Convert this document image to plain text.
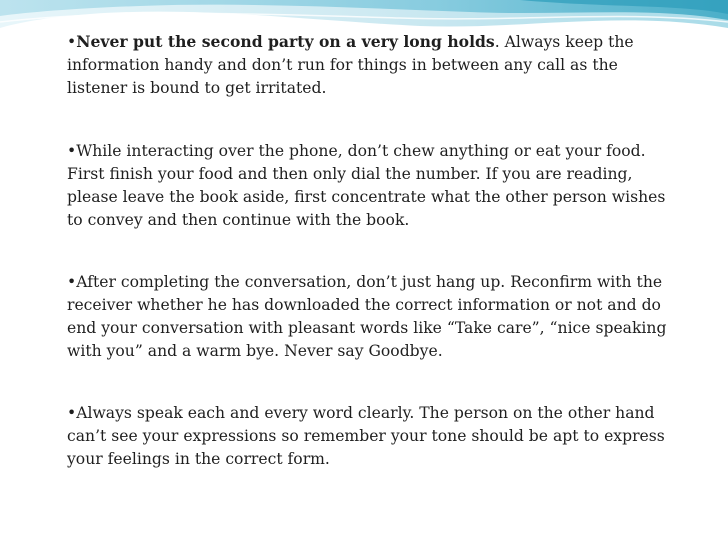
•Never put the second party on a very long holds. Always keep the information handy and don’t run for things in between any call as the listener is bound to get irritated.
•While interacting over the phone, don’t chew anything or eat your food. First finish your food and then only dial the number. If you are reading, please leave the book aside, first concentrate what the other person wishes to convey and then continue with the book.
•After completing the conversation, don’t just hang up. Reconfirm with the receiver whether he has downloaded the correct information or not and do end your conversation with pleasant words like “Take care”, “nice speaking with you” and a warm bye. Never say Goodbye.
•Always speak each and every word clearly. The person on the other hand can’t see your expressions so remember your tone should be apt to express your feelings in the correct form.
